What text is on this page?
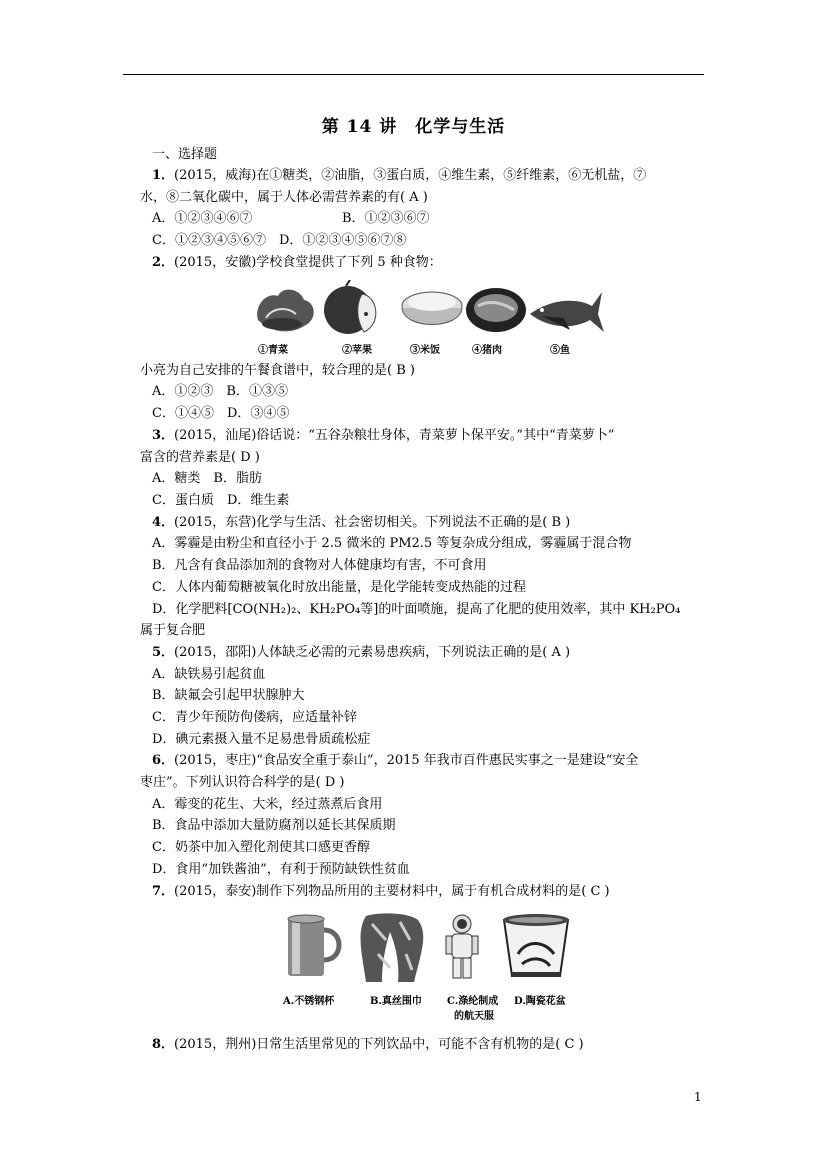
第 14 讲　化学与生活
一、选择题
1．(2015，威海)在①糖类，②油脂，③蛋白质，④维生素，⑤纤维素，⑥无机盐，⑦
水，⑧二氧化碳中，属于人体必需营养素的有( A )
A．①②③④⑥⑦	B．①②③⑥⑦
C．①②③④⑤⑥⑦　D．①②③④⑤⑥⑦⑧
2．(2015，安徽)学校食堂提供了下列 5 种食物：
①青菜	②苹果	③米饭	④猪肉	⑤鱼
小亮为自己安排的午餐食谱中，较合理的是( B )
A．①②③　B．①③⑤
C．①④⑤　D．③④⑤
3．(2015，汕尾)俗话说：“五谷杂粮壮身体，青菜萝卜保平安。”其中“青菜萝卜”
富含的营养素是( D )
A．糖类　B．脂肪
C．蛋白质　D．维生素
4．(2015，东营)化学与生活、社会密切相关。下列说法不正确的是( B )
A．雾霾是由粉尘和直径小于 2.5 微米的 PM2.5 等复杂成分组成，雾霾属于混合物
B．凡含有食品添加剂的食物对人体健康均有害，不可食用
C．人体内葡萄糖被氧化时放出能量，是化学能转变成热能的过程
D．化学肥料[CO(NH₂)₂、KH₂PO₄等]的叶面喷施，提高了化肥的使用效率，其中 KH₂PO₄
属于复合肥
5．(2015，邵阳)人体缺乏必需的元素易患疾病，下列说法正确的是( A )
A．缺铁易引起贫血
B．缺氟会引起甲状腺肿大
C．青少年预防佝偻病，应适量补锌
D．碘元素摄入量不足易患骨质疏松症
6．(2015，枣庄)“食品安全重于泰山”，2015 年我市百件惠民实事之一是建设“安全
枣庄”。下列认识符合科学的是( D )
A．霉变的花生、大米，经过蒸煮后食用
B．食品中添加大量防腐剂以延长其保质期
C．奶茶中加入塑化剂使其口感更香醇
D．食用“加铁酱油”，有利于预防缺铁性贫血
7．(2015，泰安)制作下列物品所用的主要材料中，属于有机合成材料的是( C )
A.不锈钢杯	B.真丝围巾	C.涤纶制成 D.陶瓷花盆
的航天服
8．(2015，荆州)日常生活里常见的下列饮品中，可能不含有机物的是( C )
1
